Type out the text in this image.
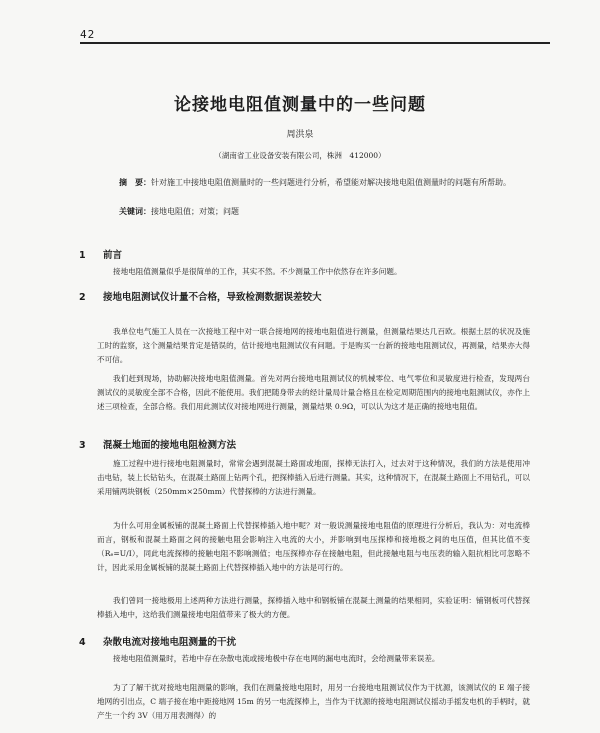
42
论接地电阻值测量中的一些问题
周洪泉
（湖南省工业设备安装有限公司，株洲　412000）
摘　要：针对施工中接地电阻值测量时的一些问题进行分析，希望能对解决接地电阻值测量时的问题有所帮助。
关键词：接地电阻值；对策；问题
1 前言
接地电阻值测量似乎是很简单的工作，其实不然。不少测量工作中依然存在许多问题。
2 接地电阻测试仪计量不合格，导致检测数据误差较大
我单位电气施工人员在一次接地工程中对一联合接地网的接地电阻值进行测量，但测量结果达几百欧。根据土层的状况及施工时的监察，这个测量结果肯定是错误的，估计接地电阻测试仪有问题。于是购买一台新的接地电阻测试仪，再测量，结果亦大得不可信。
我们赶到现场，协助解决接地电阻值测量。首先对两台接地电阻测试仪的机械零位、电气零位和灵敏度进行检查，发现两台测试仪的灵敏度全部不合格，因此不能使用。我们把随身带去的经计量局计量合格且在检定周期范围内的接地电阻测试仪，亦作上述三项检查，全部合格。我们用此测试仪对接地网进行测量，测量结果 0.9Ω，可以认为这才是正确的接地电阻值。
3 混凝土地面的接地电阻检测方法
施工过程中进行接地电阻测量时，常常会遇到混凝土路面或地面，探棒无法打入，过去对于这种情况，我们的方法是使用冲击电钻，装上长钻钻头，在混凝土路面上钻两个孔，把探棒插入后进行测量。其实，这种情况下，在混凝土路面上不用钻孔，可以采用铺两块钢板（250mm×250mm）代替探棒的方法进行测量。
为什么可用金属板铺的混凝土路面上代替探棒插入地中呢？对一般说测量接地电阻值的原理进行分析后，我认为：对电流棒而言，钢板和混凝土路面之间的接触电阻会影响注入电流的大小，并影响到电压探棒和接地极之间的电压值，但其比值不变（Rₑ=U/I），同此电流探棒的接触电阻不影响测值；电压探棒亦存在接触电阻，但此接触电阻与电压表的输入阻抗相比可忽略不计，因此采用金属板铺的混凝土路面上代替探棒插入地中的方法是可行的。
我们曾同一接地极用上述两种方法进行测量，探棒插入地中和钢板铺在混凝土测量的结果相同，实验证明：铺钢板可代替探棒插入地中，这给我们测量接地电阻值带来了极大的方便。
4 杂散电流对接地电阻测量的干扰
接地电阻值测量时，若地中存在杂散电流或接地极中存在电网的漏电电流时，会给测量带来误差。
为了了解干扰对接地电阻测量的影响，我们在测量接地电阻时，用另一台接地电阻测试仪作为干扰源，该测试仪的 E 端子接地网的引出点，C 端子接在地中距接地网 15m 的另一电流探棒上，当作为干扰源的接地电阻测试仪摇动手摇发电机的手柄时，就产生一个约 3V（用万用表测得）的
